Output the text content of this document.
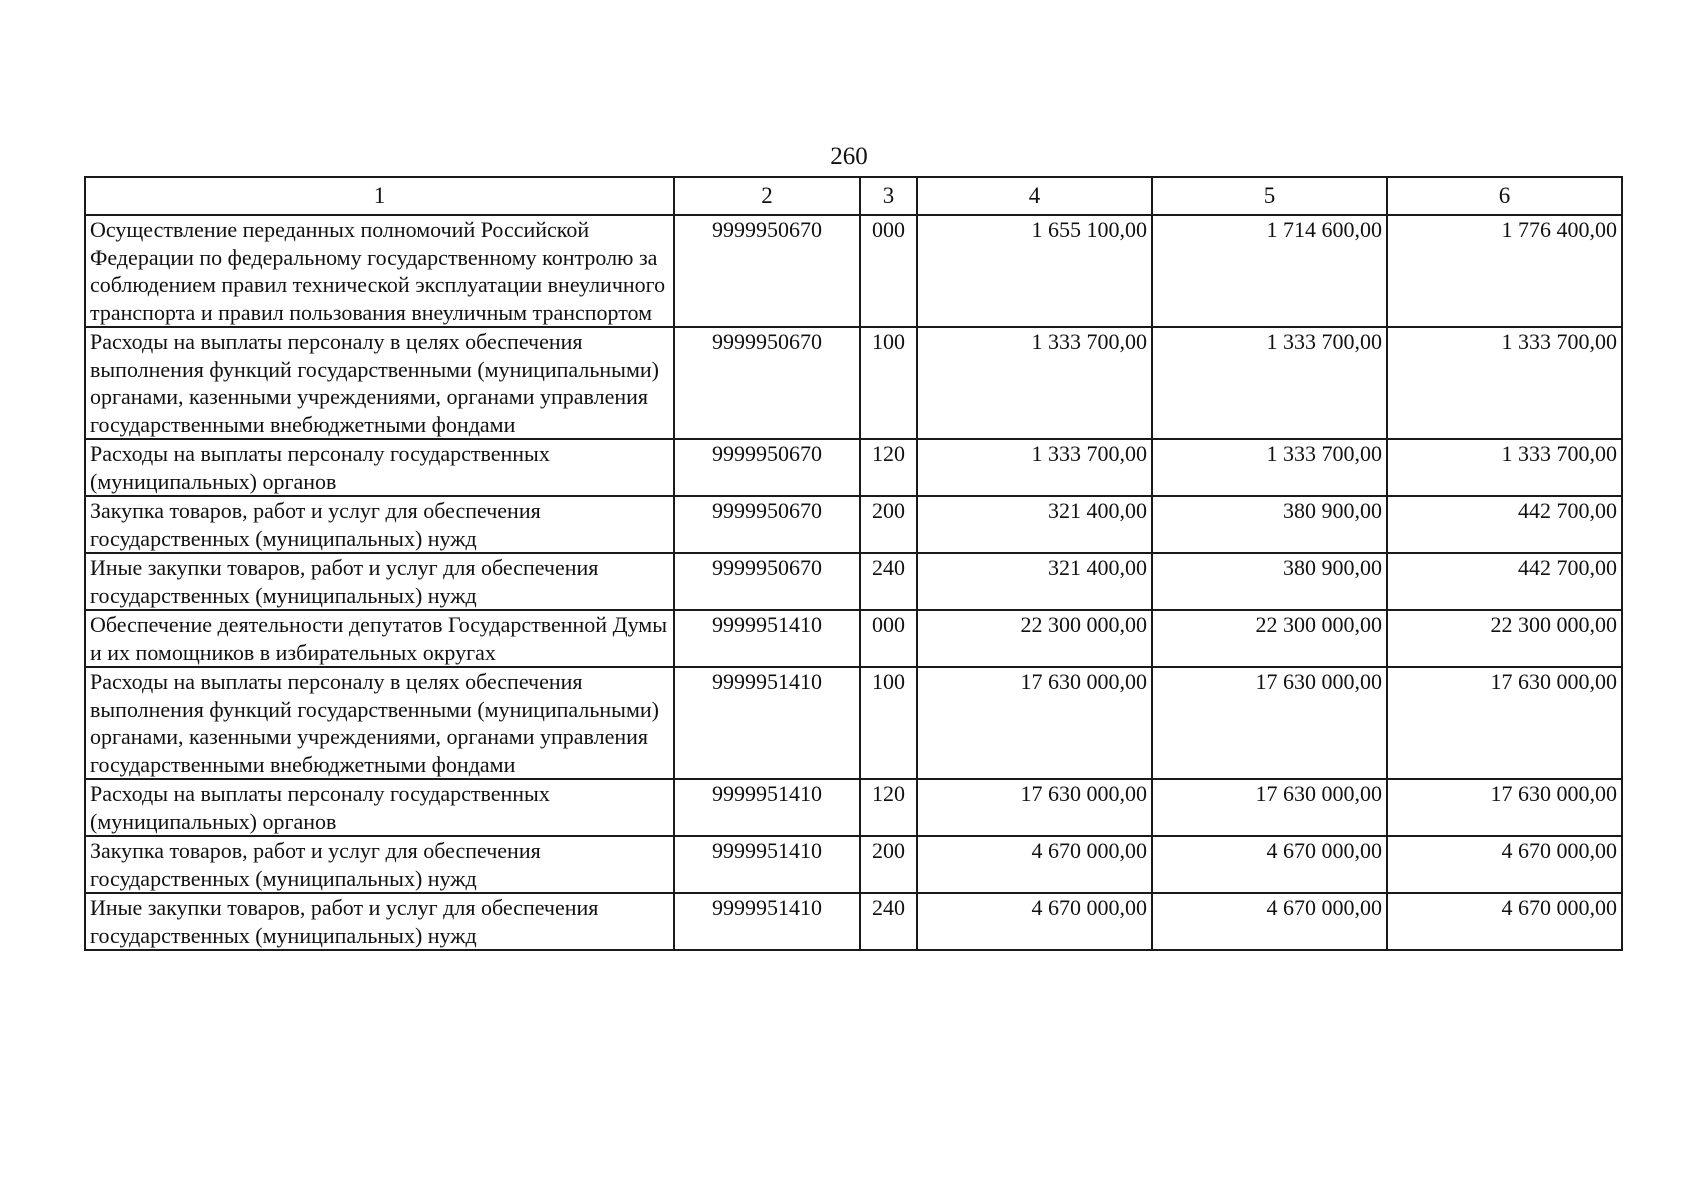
260
1	2	3	4	5	6
Осуществление переданных полномочий Российской Федерации по федеральному государственному контролю за соблюдением правил технической эксплуатации внеуличного транспорта и правил пользования внеуличным транспортом	9999950670	000	1 655 100,00	1 714 600,00	1 776 400,00
Расходы на выплаты персоналу в целях обеспечения выполнения функций государственными (муниципальными) органами, казенными учреждениями, органами управления государственными внебюджетными фондами	9999950670	100	1 333 700,00	1 333 700,00	1 333 700,00
Расходы на выплаты персоналу государственных (муниципальных) органов	9999950670	120	1 333 700,00	1 333 700,00	1 333 700,00
Закупка товаров, работ и услуг для обеспечения государственных (муниципальных) нужд	9999950670	200	321 400,00	380 900,00	442 700,00
Иные закупки товаров, работ и услуг для обеспечения государственных (муниципальных) нужд	9999950670	240	321 400,00	380 900,00	442 700,00
Обеспечение деятельности депутатов Государственной Думы и их помощников в избирательных округах	9999951410	000	22 300 000,00	22 300 000,00	22 300 000,00
Расходы на выплаты персоналу в целях обеспечения выполнения функций государственными (муниципальными) органами, казенными учреждениями, органами управления государственными внебюджетными фондами	9999951410	100	17 630 000,00	17 630 000,00	17 630 000,00
Расходы на выплаты персоналу государственных (муниципальных) органов	9999951410	120	17 630 000,00	17 630 000,00	17 630 000,00
Закупка товаров, работ и услуг для обеспечения государственных (муниципальных) нужд	9999951410	200	4 670 000,00	4 670 000,00	4 670 000,00
Иные закупки товаров, работ и услуг для обеспечения государственных (муниципальных) нужд	9999951410	240	4 670 000,00	4 670 000,00	4 670 000,00
